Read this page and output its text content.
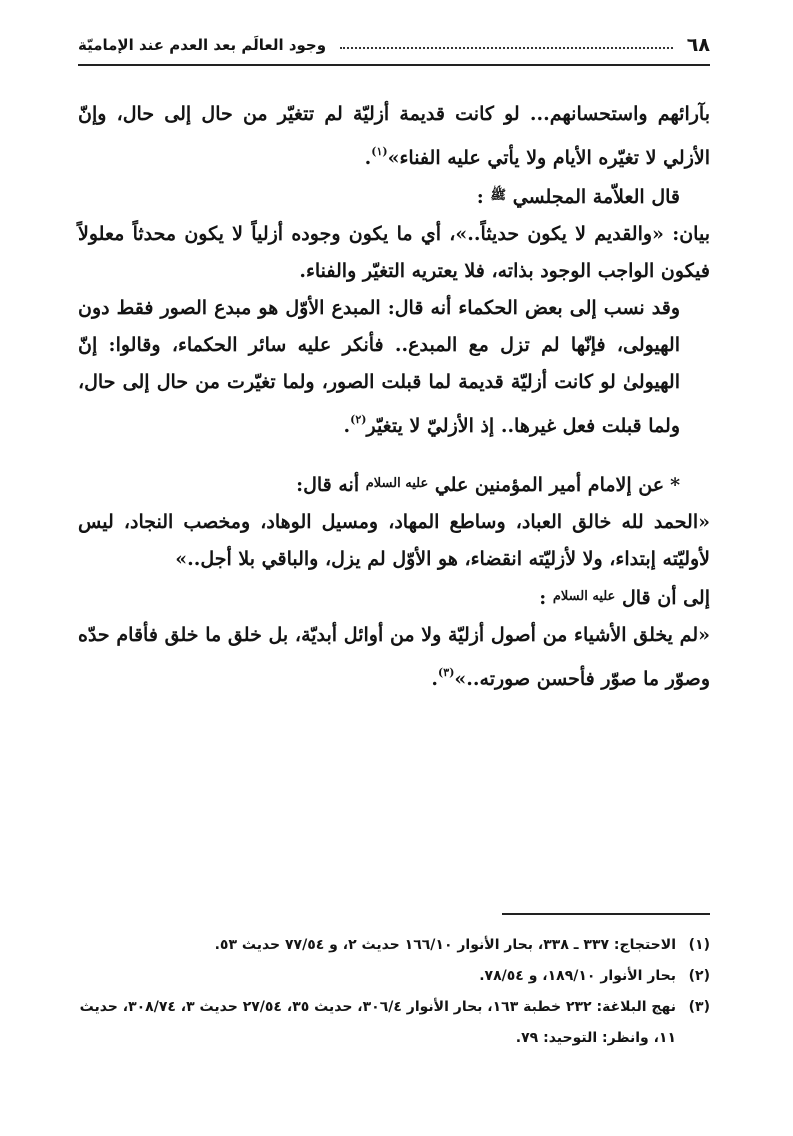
٦٨
وجود العالَم بعد العدم عند الإماميّة

بآرائهم واستحسانهم... لو كانت قديمة أزليّة لم تتغيّر من حال إلى حال، وإنّ الأزلي لا تغيّره الأيام ولا يأتي عليه الفناء»$^{(١)}$.

قال العلاّمة المجلسي $^ﷺ$ :

بيان: «والقديم لا يكون حديثاً..»، أي ما يكون وجوده أزلياً لا يكون محدثاً معلولاً فيكون الواجب الوجود بذاته، فلا يعتريه التغيّر والفناء.

وقد نسب إلى بعض الحكماء أنه قال: المبدع الأوّل هو مبدع الصور فقط دون الهيولى، فإنّها لم تزل مع المبدع.. فأنكر عليه سائر الحكماء، وقالوا: إنّ الهيولىٰ لو كانت أزليّة قديمة لما قبلت الصور، ولما تغيّرت من حال إلى حال، ولما قبلت فعل غيرها.. إذ الأزليّ لا يتغيّر$^{(٢)}$.

*عن إلامام أمير المؤمنين علي $^{عليه السلام}$ أنه قال:

«الحمد لله خالق العباد، وساطع المهاد، ومسيل الوهاد، ومخصب النجاد، ليس لأوليّته إبتداء، ولا لأزليّته انقضاء، هو الأوّل لم يزل، والباقي بلا أجل..»

إلى أن قال $^{عليه السلام}$ :

«لم يخلق الأشياء من أصول أزليّة ولا من أوائل أبديّة، بل خلق ما خلق فأقام حدّه وصوّر ما صوّر فأحسن صورته..»$^{(٣)}$.

(١)
الاحتجاج: ٣٣٧ ـ ٣٣٨، بحار الأنوار ١٦٦/١٠ حديث ٢، و ٧٧/٥٤ حديث ٥٣.
(٢)
بحار الأنوار ١٨٩/١٠، و ٧٨/٥٤.
(٣)
نهج البلاغة: ٢٣٢ خطبة ١٦٣، بحار الأنوار ٣٠٦/٤، حديث ٣٥، ٢٧/٥٤ حديث ٣، ٣٠٨/٧٤، حديث ١١، وانظر: التوحيد: ٧٩.
